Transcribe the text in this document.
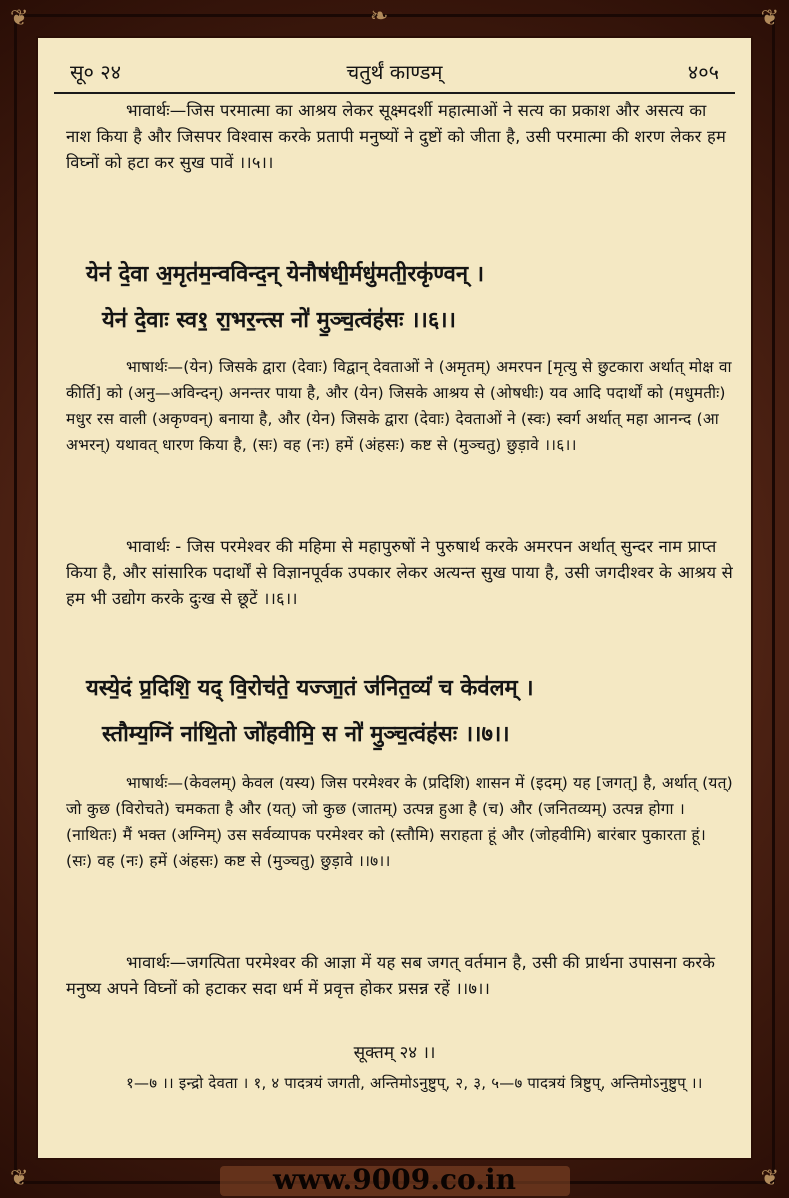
❦	❦
❦	❦
❧
सू० २४	चतुर्थं काण्डम्	४०५
भावार्थः—जिस परमात्मा का आश्रय लेकर सूक्ष्मदर्शी महात्माओं ने सत्य का प्रकाश और असत्य का नाश किया है और जिसपर विश्वास करके प्रतापी मनुष्यों ने दुष्टों को जीता है, उसी परमात्मा की शरण लेकर हम विघ्नों को हटा कर सुख पावें ।।५।।
येन॑ दे॒वा अ॒मृत॑म॒न्वविन्द॒न् येनौष॑धी॒र्मधु॑मती॒रकृ॑ण्वन् ।
येन॑ दे॒वाः स्व१॒ रा॒भर॒न्त्स नो॑ मु॒ञ्च॒त्वंह॑सः ।।६।।
भाषार्थः—(येन) जिसके द्वारा (देवाः) विद्वान् देवताओं ने (अमृतम्) अमरपन [मृत्यु से छुटकारा अर्थात् मोक्ष वा कीर्ति] को (अनु—अविन्दन्) अनन्तर पाया है, और (येन) जिसके आश्रय से (ओषधीः) यव आदि पदार्थों को (मधुमतीः) मधुर रस वाली (अकृण्वन्) बनाया है, और (येन) जिसके द्वारा (देवाः) देवताओं ने (स्वः) स्वर्ग अर्थात् महा आनन्द (आ अभरन्) यथावत् धारण किया है, (सः) वह (नः) हमें (अंहसः) कष्ट से (मुञ्चतु) छुड़ावे ।।६।।
भावार्थः - जिस परमेश्वर की महिमा से महापुरुषों ने पुरुषार्थ करके अमरपन अर्थात् सुन्दर नाम प्राप्त किया है, और सांसारिक पदार्थों से विज्ञानपूर्वक उपकार लेकर अत्यन्त सुख पाया है, उसी जगदीश्वर के आश्रय से हम भी उद्योग करके दुःख से छूटें ।।६।।
यस्ये॒दं प्र॒दिशि॒ यद् वि॒रोच॑ते॒ यज्जा॒तं ज॑नित॒व्यं॑ च केव॑लम् ।
स्तौम्य॒ग्निं ना॑थि॒तो जो॑हवीमि॒ स नो॑ मु॒ञ्च॒त्वंह॑सः ।।७।।
भाषार्थः—(केवलम्) केवल (यस्य) जिस परमेश्वर के (प्रदिशि) शासन में (इदम्) यह [जगत्] है, अर्थात् (यत्) जो कुछ (विरोचते) चमकता है और (यत्) जो कुछ (जातम्) उत्पन्न हुआ है (च) और (जनितव्यम्) उत्पन्न होगा ।(नाथितः) मैं भक्त (अग्निम्) उस सर्वव्यापक परमेश्वर को (स्तौमि) सराहता हूं और (जोहवीमि) बारंबार पुकारता हूं। (सः) वह (नः) हमें (अंहसः) कष्ट से (मुञ्चतु) छुड़ावे ।।७।।
भावार्थः—जगत्पिता परमेश्वर की आज्ञा में यह सब जगत् वर्तमान है, उसी की प्रार्थना उपासना करके मनुष्य अपने विघ्नों को हटाकर सदा धर्म में प्रवृत्त होकर प्रसन्न रहें ।।७।।
सूक्तम् २४ ।।
१—७ ।। इन्द्रो देवता । १, ४ पादत्रयं जगती, अन्तिमोऽनुष्टुप्, २, ३, ५—७ पादत्रयं त्रिष्टुप्, अन्तिमोऽनुष्टुप् ।।
www.9009.co.in
